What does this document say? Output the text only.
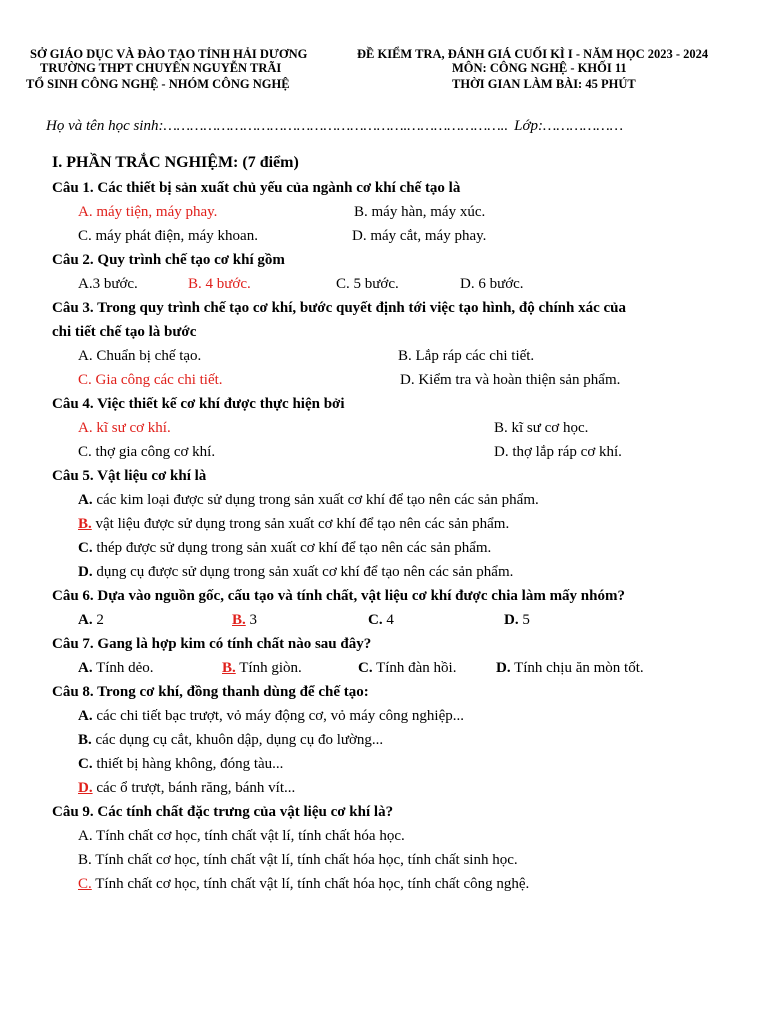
SỞ GIÁO DỤC VÀ ĐÀO TẠO TỈNH HẢI DƯƠNG
TRƯỜNG THPT CHUYÊN NGUYỄN TRÃI
TỔ SINH CÔNG NGHỆ - NHÓM CÔNG NGHỆ
ĐỀ KIỂM TRA, ĐÁNH GIÁ CUỐI KÌ I - NĂM HỌC 2023 - 2024
MÔN: CÔNG NGHỆ - KHỐI 11
THỜI GIAN LÀM BÀI: 45 PHÚT
Họ và tên học sinh:……………………………………………….………………….. Lớp:………………
I. PHẦN TRẮC NGHIỆM: (7 điểm)
Câu 1. Các thiết bị sản xuất chủ yếu của ngành cơ khí chế tạo là
A. máy tiện, máy phay.	B. máy hàn, máy xúc.
C. máy phát điện, máy khoan.	D. máy cắt, máy phay.
Câu 2. Quy trình chế tạo cơ khí gồm
A.3 bước.	B. 4 bước.	C. 5 bước.	D. 6 bước.
Câu 3. Trong quy trình chế tạo cơ khí, bước quyết định tới việc tạo hình, độ chính xác của
chi tiết chế tạo là bước
A. Chuẩn bị chế tạo.	B. Lắp ráp các chi tiết.
C. Gia công các chi tiết.	D. Kiểm tra và hoàn thiện sản phẩm.
Câu 4. Việc thiết kế cơ khí được thực hiện bởi
A. kĩ sư cơ khí.	B. kĩ sư cơ học.
C. thợ gia công cơ khí.	D. thợ lắp ráp cơ khí.
Câu 5. Vật liệu cơ khí là
A. các kim loại được sử dụng trong sản xuất cơ khí để tạo nên các sản phẩm.
B. vật liệu được sử dụng trong sản xuất cơ khí để tạo nên các sản phẩm.
C. thép được sử dụng trong sản xuất cơ khí để tạo nên các sản phẩm.
D. dụng cụ được sử dụng trong sản xuất cơ khí để tạo nên các sản phẩm.
Câu 6. Dựa vào nguồn gốc, cấu tạo và tính chất, vật liệu cơ khí được chia làm mấy nhóm?
A. 2	B. 3	C. 4	D. 5
Câu 7. Gang là hợp kim có tính chất nào sau đây?
A. Tính dẻo.	B. Tính giòn.	C. Tính đàn hồi.	D. Tính chịu ăn mòn tốt.
Câu 8. Trong cơ khí, đồng thanh dùng để chế tạo:
A. các chi tiết bạc trượt, vỏ máy động cơ, vỏ máy công nghiệp...
B. các dụng cụ cắt, khuôn dập, dụng cụ đo lường...
C. thiết bị hàng không, đóng tàu...
D. các ổ trượt, bánh răng, bánh vít...
Câu 9. Các tính chất đặc trưng của vật liệu cơ khí là?
A. Tính chất cơ học, tính chất vật lí, tính chất hóa học.
B. Tính chất cơ học, tính chất vật lí, tính chất hóa học, tính chất sinh học.
C. Tính chất cơ học, tính chất vật lí, tính chất hóa học, tính chất công nghệ.
